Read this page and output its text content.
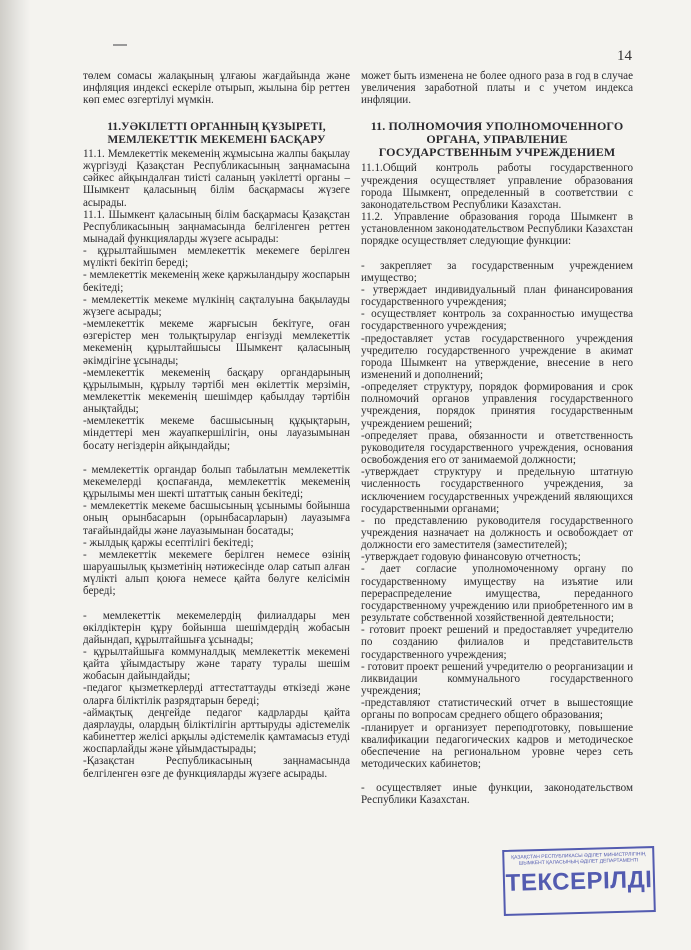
14

төлем сомасы жалақының ұлғаюы жағдайында және инфляция индексі ескеріле отырып, жылына бір реттен көп емес өзгертілуі мүмкін.

11.УӘКІЛЕТТІ ОРГАННЫҢ ҚҰЗЫРЕТІ, МЕМЛЕКЕТТІК МЕКЕМЕНІ БАСҚАРУ

11.1. Мемлекеттік мекеменің жұмысына жалпы бақылау жүргізуді Қазақстан Республикасының заңнамасына сәйкес айқындалған тиісті саланың уәкілетті органы – Шымкент қаласының білім басқармасы жүзеге асырады.

11.1. Шымкент қаласының білім басқармасы Қазақстан Республикасының заңнамасында белгіленген реттен мынадай функцияларды жүзеге асырады:

- құрылтайшымен мемлекеттік мекемеге берілген мүлікті бекітіп береді;

- мемлекеттік мекеменің жеке қаржыландыру жоспарын бекітеді;

- мемлекеттік мекеме мүлкінің сақталуына бақылауды жүзеге асырады;

-мемлекеттік мекеме жарғысын бекітуге, оған өзгерістер мен толықтырулар енгізуді мемлекеттік мекеменің құрылтайшысы Шымкент қаласының әкімдігіне ұсынады;

-мемлекеттік мекеменің басқару органдарының құрылымын, құрылу тәртібі мен өкілеттік мерзімін, мемлекеттік мекеменің шешімдер қабылдау тәртібін анықтайды;

-мемлекеттік мекеме басшысының құқықтарын, міндеттері мен жауапкершілігін, оны лауазымынан босату негіздерін айқындайды;

- мемлекеттік органдар болып табылатын мемлекеттік мекемелерді қоспағанда, мемлекеттік мекеменің құрылымы мен шекті штаттық санын бекітеді;

- мемлекеттік мекеме басшысының ұсынымы бойынша оның орынбасарын (орынбасарларын) лауазымға тағайындайды және лауазымынан босатады;

- жылдық қаржы есептілігі бекітеді;

- мемлекеттік мекемеге берілген немесе өзінің шаруашылық қызметінің нәтижесінде олар сатып алған мүлікті алып қоюға немесе қайта бөлуге келісімін береді;

- мемлекеттік мекемелердің филиалдары мен өкілдіктерін құру бойынша шешімдердің жобасын дайындап, құрылтайшыға ұсынады;

- құрылтайшыға коммуналдық мемлекеттік мекемені қайта ұйымдастыру және тарату туралы шешім жобасын дайындайды;

-педагог қызметкерлерді аттестаттауды өткізеді және оларға біліктілік разрядтарын береді;

-аймақтық деңгейде педагог кадрларды қайта даярлауды, олардың біліктілігін арттыруды әдістемелік кабинеттер желісі арқылы әдістемелік қамтамасыз етуді жоспарлайды және ұйымдастырады;

-Қазақстан Республикасының заңнамасында белгіленген өзге де функцияларды жүзеге асырады.

может быть изменена не более одного раза в год в случае увеличения заработной платы и с учетом индекса инфляции.

11. ПОЛНОМОЧИЯ УПОЛНОМОЧЕННОГО ОРГАНА, УПРАВЛЕНИЕ ГОСУДАРСТВЕННЫМ УЧРЕЖДЕНИЕМ

11.1.Общий контроль работы государственного учреждения осуществляет управление образования города Шымкент, определенный в соответствии с законодательством Республики Казахстан.

11.2. Управление образования города Шымкент в установленном законодательством Республики Казахстан порядке осуществляет следующие функции:

- закрепляет за государственным учреждением имущество;

- утверждает индивидуальный план финансирования государственного учреждения;

- осуществляет контроль за сохранностью имущества государственного учреждения;

-предоставляет устав государственного учреждения учредителю государственного учреждение в акимат города Шымкент на утверждение, внесение в него изменений и дополнений;

-определяет структуру, порядок формирования и срок полномочий органов управления государственного учреждения, порядок принятия государственным учреждением решений;

-определяет права, обязанности и ответственность руководителя государственного учреждения, основания освобождения его от занимаемой должности;

-утверждает структуру и предельную штатную численность государственного учреждения, за исключением государственных учреждений являющихся государственными органами;

- по представлению руководителя государственного учреждения назначает на должность и освобождает от должности его заместителя (заместителей);

-утверждает годовую финансовую отчетность;

- дает согласие уполномоченному органу по государственному имуществу на изъятие или перераспределение имущества, переданного государственному учреждению или приобретенного им в результате собственной хозяйственной деятельности;

- готовит проект решений и предоставляет учредителю по созданию филиалов и представительств государственного учреждения;

- готовит проект решений учредителю о реорганизации и ликвидации коммунального государственного учреждения;

-представляют статистический отчет в вышестоящие органы по вопросам среднего общего образования;

-планирует и организует переподготовку, повышение квалификации педагогических кадров и методическое обеспечение на региональном уровне через сеть методических кабинетов;

- осуществляет иные функции, законодательством Республики Казахстан.

ҚАЗАҚСТАН РЕСПУБЛИКАСЫ ӘДІЛЕТ МИНИСТРЛІГІНІҢ ШЫМКЕНТ ҚАЛАСЫНЫҢ ӘДІЛЕТ ДЕПАРТАМЕНТІ
ТЕКСЕРІЛДІ
